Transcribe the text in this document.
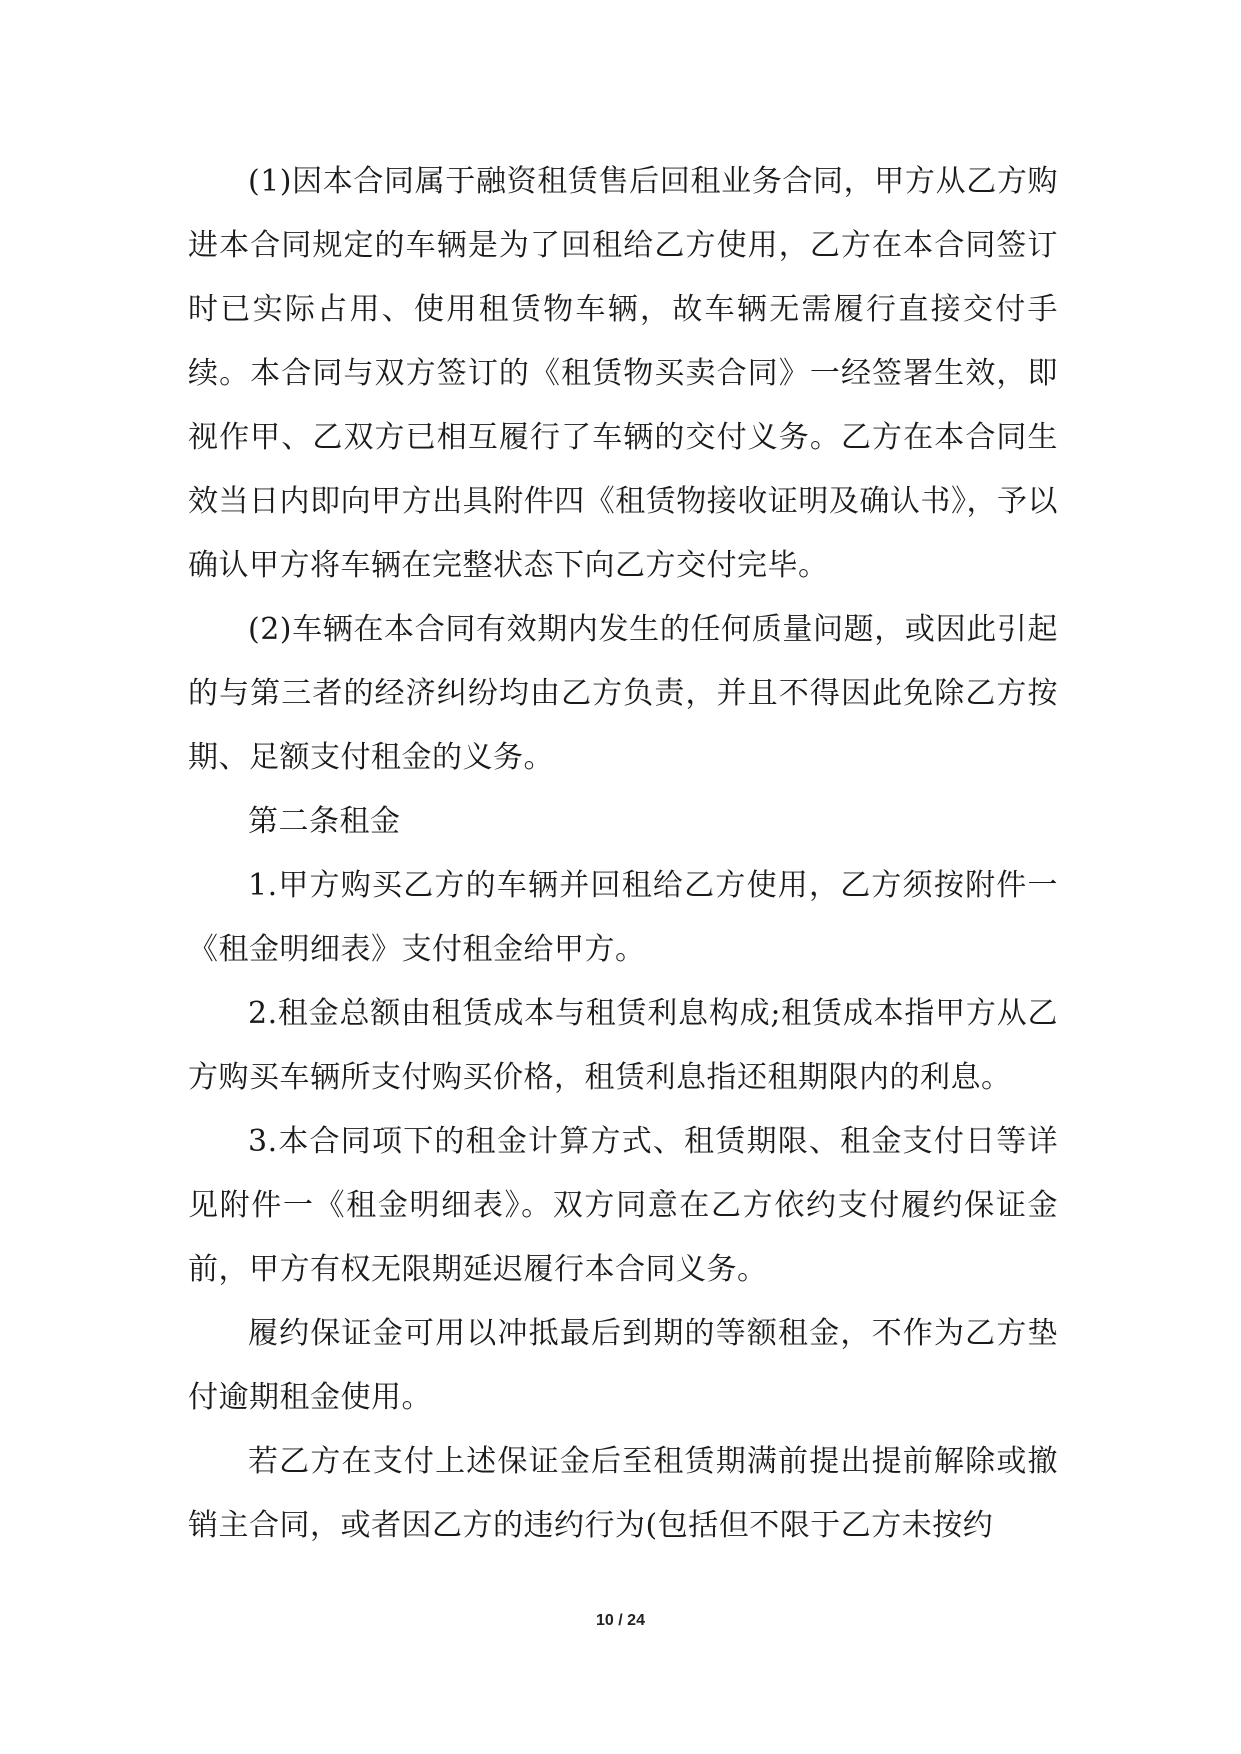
(1)因本合同属于融资租赁售后回租业务合同，甲方从乙方购进本合同规定的车辆是为了回租给乙方使用，乙方在本合同签订时已实际占用、使用租赁物车辆，故车辆无需履行直接交付手续。本合同与双方签订的《租赁物买卖合同》一经签署生效，即视作甲、乙双方已相互履行了车辆的交付义务。乙方在本合同生效当日内即向甲方出具附件四《租赁物接收证明及确认书》，予以确认甲方将车辆在完整状态下向乙方交付完毕。

(2)车辆在本合同有效期内发生的任何质量问题，或因此引起的与第三者的经济纠纷均由乙方负责，并且不得因此免除乙方按期、足额支付租金的义务。

第二条租金

1.甲方购买乙方的车辆并回租给乙方使用，乙方须按附件一《租金明细表》支付租金给甲方。

2.租金总额由租赁成本与租赁利息构成;租赁成本指甲方从乙方购买车辆所支付购买价格，租赁利息指还租期限内的利息。

3.本合同项下的租金计算方式、租赁期限、租金支付日等详见附件一《租金明细表》。双方同意在乙方依约支付履约保证金前，甲方有权无限期延迟履行本合同义务。

履约保证金可用以冲抵最后到期的等额租金，不作为乙方垫付逾期租金使用。

若乙方在支付上述保证金后至租赁期满前提出提前解除或撤销主合同，或者因乙方的违约行为(包括但不限于乙方未按约

10 / 24
